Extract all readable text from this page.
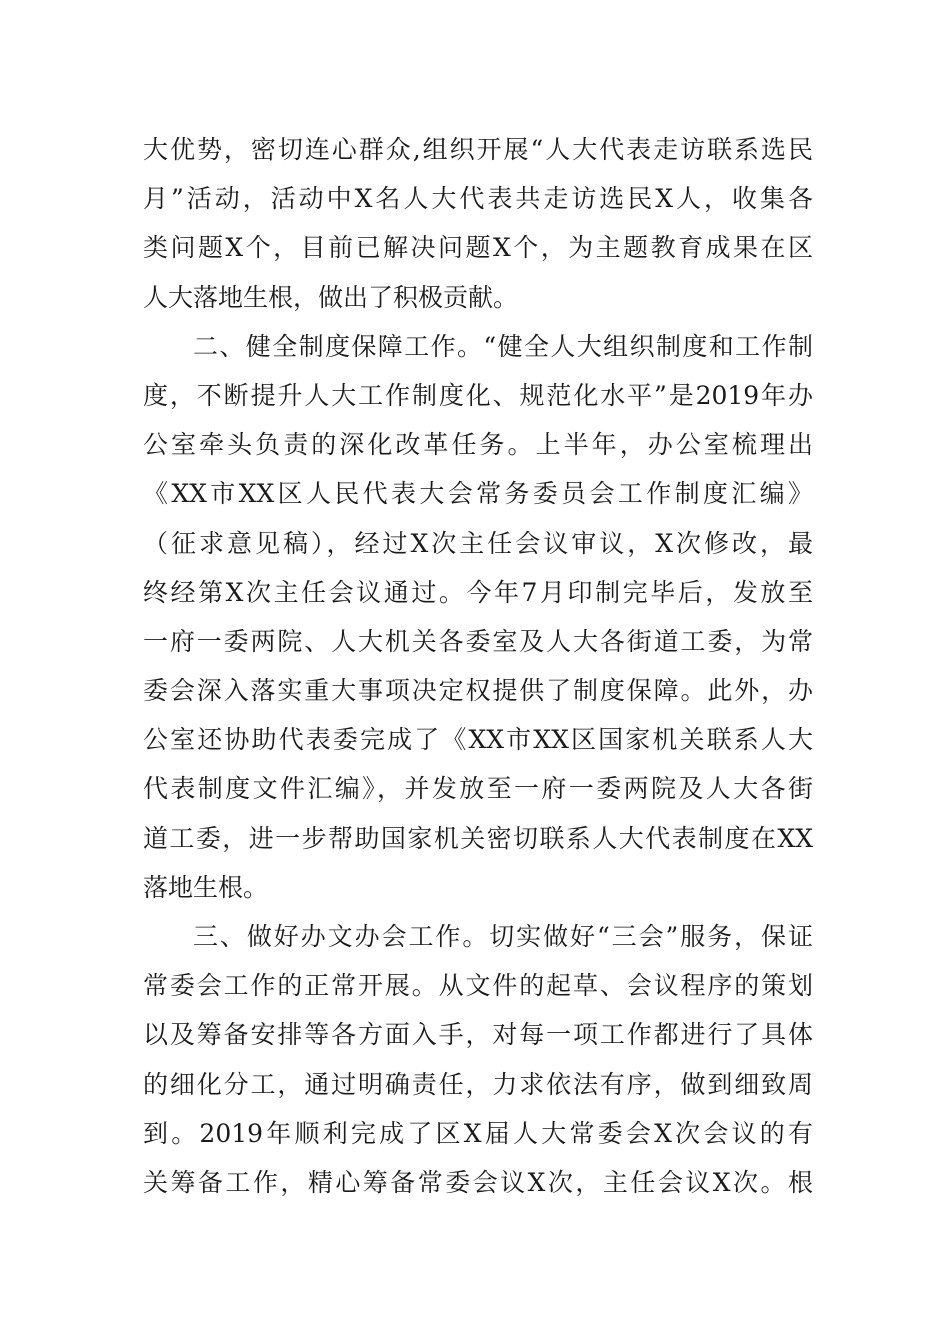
大优势，密切连心群众,组织开展“人大代表走访联系选民
月”活动，活动中X名人大代表共走访选民X人，收集各
类问题X个，目前已解决问题X个，为主题教育成果在区
人大落地生根，做出了积极贡献。
二、健全制度保障工作。“健全人大组织制度和工作制
度，不断提升人大工作制度化、规范化水平”是2019年办
公室牵头负责的深化改革任务。上半年，办公室梳理出
《XX市XX区人民代表大会常务委员会工作制度汇编》
（征求意见稿），经过X次主任会议审议，X次修改，最
终经第X次主任会议通过。今年7月印制完毕后，发放至
一府一委两院、人大机关各委室及人大各街道工委，为常
委会深入落实重大事项决定权提供了制度保障。此外，办
公室还协助代表委完成了《XX市XX区国家机关联系人大
代表制度文件汇编》，并发放至一府一委两院及人大各街
道工委，进一步帮助国家机关密切联系人大代表制度在XX
落地生根。
三、做好办文办会工作。切实做好“三会”服务，保证
常委会工作的正常开展。从文件的起草、会议程序的策划
以及筹备安排等各方面入手，对每一项工作都进行了具体
的细化分工，通过明确责任，力求依法有序，做到细致周
到。2019年顺利完成了区X届人大常委会X次会议的有
关筹备工作，精心筹备常委会议X次，主任会议X次。根
